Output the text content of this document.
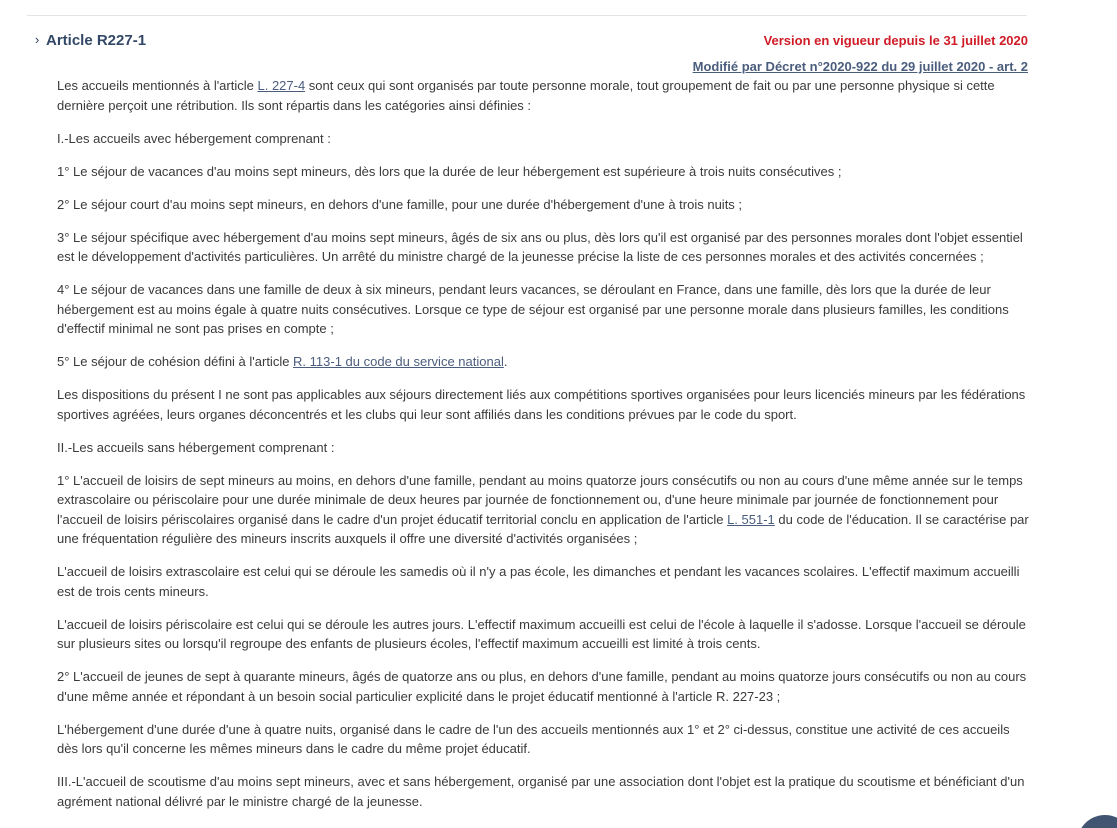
› Article R227-1	Version en vigueur depuis le 31 juillet 2020
Modifié par Décret n°2020-922 du 29 juillet 2020 - art. 2

Les accueils mentionnés à l'article L. 227-4 sont ceux qui sont organisés par toute personne morale, tout groupement de fait ou par une personne physique si cette dernière perçoit une rétribution. Ils sont répartis dans les catégories ainsi définies :

I.-Les accueils avec hébergement comprenant :

1° Le séjour de vacances d'au moins sept mineurs, dès lors que la durée de leur hébergement est supérieure à trois nuits consécutives ;

2° Le séjour court d'au moins sept mineurs, en dehors d'une famille, pour une durée d'hébergement d'une à trois nuits ;

3° Le séjour spécifique avec hébergement d'au moins sept mineurs, âgés de six ans ou plus, dès lors qu'il est organisé par des personnes morales dont l'objet essentiel est le développement d'activités particulières. Un arrêté du ministre chargé de la jeunesse précise la liste de ces personnes morales et des activités concernées ;

4° Le séjour de vacances dans une famille de deux à six mineurs, pendant leurs vacances, se déroulant en France, dans une famille, dès lors que la durée de leur hébergement est au moins égale à quatre nuits consécutives. Lorsque ce type de séjour est organisé par une personne morale dans plusieurs familles, les conditions d'effectif minimal ne sont pas prises en compte ;

5° Le séjour de cohésion défini à l'article R. 113-1 du code du service national.

Les dispositions du présent I ne sont pas applicables aux séjours directement liés aux compétitions sportives organisées pour leurs licenciés mineurs par les fédérations sportives agréées, leurs organes déconcentrés et les clubs qui leur sont affiliés dans les conditions prévues par le code du sport.

II.-Les accueils sans hébergement comprenant :

1° L'accueil de loisirs de sept mineurs au moins, en dehors d'une famille, pendant au moins quatorze jours consécutifs ou non au cours d'une même année sur le temps extrascolaire ou périscolaire pour une durée minimale de deux heures par journée de fonctionnement ou, d'une heure minimale par journée de fonctionnement pour l'accueil de loisirs périscolaires organisé dans le cadre d'un projet éducatif territorial conclu en application de l'article L. 551-1 du code de l'éducation. Il se caractérise par une fréquentation régulière des mineurs inscrits auxquels il offre une diversité d'activités organisées ;

L'accueil de loisirs extrascolaire est celui qui se déroule les samedis où il n'y a pas école, les dimanches et pendant les vacances scolaires. L'effectif maximum accueilli est de trois cents mineurs.

L'accueil de loisirs périscolaire est celui qui se déroule les autres jours. L'effectif maximum accueilli est celui de l'école à laquelle il s'adosse. Lorsque l'accueil se déroule sur plusieurs sites ou lorsqu'il regroupe des enfants de plusieurs écoles, l'effectif maximum accueilli est limité à trois cents.

2° L'accueil de jeunes de sept à quarante mineurs, âgés de quatorze ans ou plus, en dehors d'une famille, pendant au moins quatorze jours consécutifs ou non au cours d'une même année et répondant à un besoin social particulier explicité dans le projet éducatif mentionné à l'article R. 227-23 ;

L'hébergement d'une durée d'une à quatre nuits, organisé dans le cadre de l'un des accueils mentionnés aux 1° et 2° ci-dessus, constitue une activité de ces accueils dès lors qu'il concerne les mêmes mineurs dans le cadre du même projet éducatif.

III.-L'accueil de scoutisme d'au moins sept mineurs, avec et sans hébergement, organisé par une association dont l'objet est la pratique du scoutisme et bénéficiant d'un agrément national délivré par le ministre chargé de la jeunesse.
